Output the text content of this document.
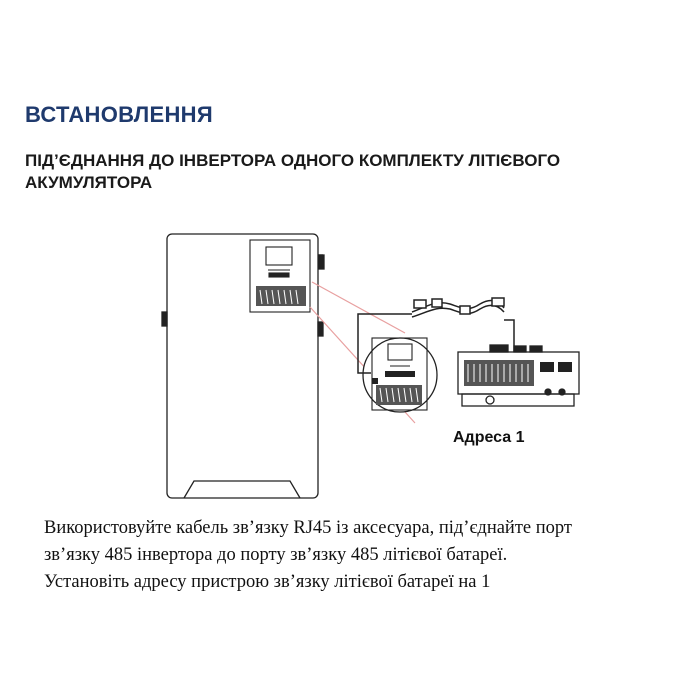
ВСТАНОВЛЕННЯ
ПІД’ЄДНАННЯ ДО ІНВЕРТОРА ОДНОГО КОМПЛЕКТУ ЛІТІЄВОГО АКУМУЛЯТОРА
Адреса 1

Використовуйте кабель зв’язку RJ45 із аксесуара, під’єднайте порт

зв’язку 485 інвертора до порту зв’язку 485 літієвої батареї.

Установіть адресу пристрою зв’язку літієвої батареї на 1
